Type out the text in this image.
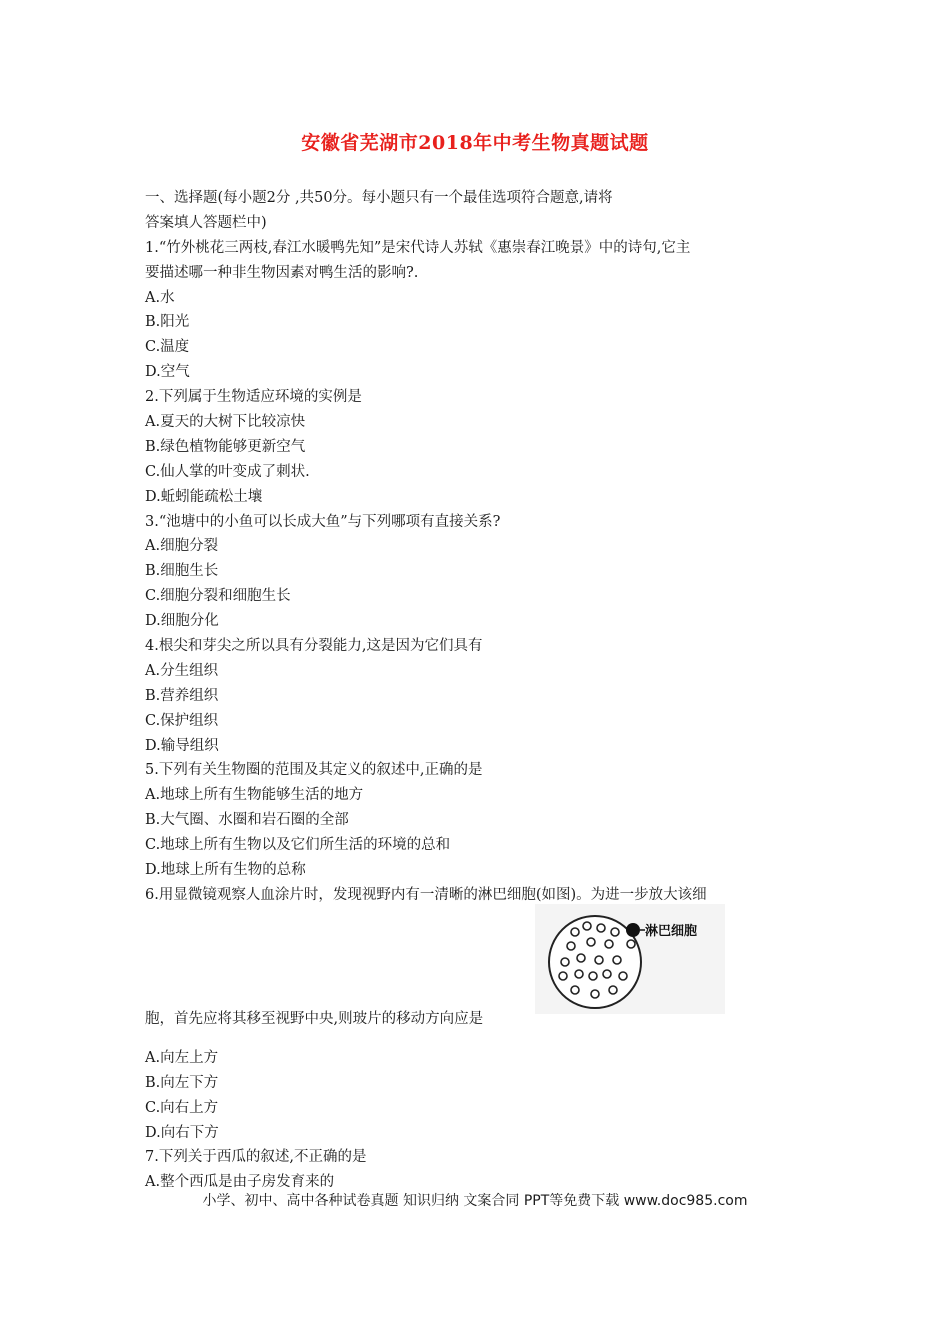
安徽省芜湖市2018年中考生物真题试题
一、选择题(每小题2分 ,共50分。每小题只有一个最佳选项符合题意,请将
答案填人答题栏中)
1.“竹外桃花三两枝,春江水暖鸭先知”是宋代诗人苏轼《惠崇春江晚景》中的诗句,它主
要描述哪一种非生物因素对鸭生活的影响?.
A.水
B.阳光
C.温度
D.空气
2.下列属于生物适应环境的实例是
A.夏天的大树下比较凉快
B.绿色植物能够更新空气
C.仙人掌的叶变成了刺状.
D.蚯蚓能疏松土壤
3.“池塘中的小鱼可以长成大鱼”与下列哪项有直接关系?
A.细胞分裂
B.细胞生长
C.细胞分裂和细胞生长
D.细胞分化
4.根尖和芽尖之所以具有分裂能力,这是因为它们具有
A.分生组织
B.营养组织
C.保护组织
D.输导组织
5.下列有关生物圈的范围及其定义的叙述中,正确的是
A.地球上所有生物能够生活的地方
B.大气圈、水圈和岩石圈的全部
C.地球上所有生物以及它们所生活的环境的总和
D.地球上所有生物的总称
6.用显微镜观察人血涂片时，发现视野内有一清晰的淋巴细胞(如图)。为进一步放大该细
淋巴细胞
胞，首先应将其移至视野中央,则玻片的移动方向应是
A.向左上方
B.向左下方
C.向右上方
D.向右下方
7.下列关于西瓜的叙述,不正确的是
A.整个西瓜是由子房发育来的
小学、初中、高中各种试卷真题 知识归纳 文案合同 PPT等免费下载 www.doc985.com
